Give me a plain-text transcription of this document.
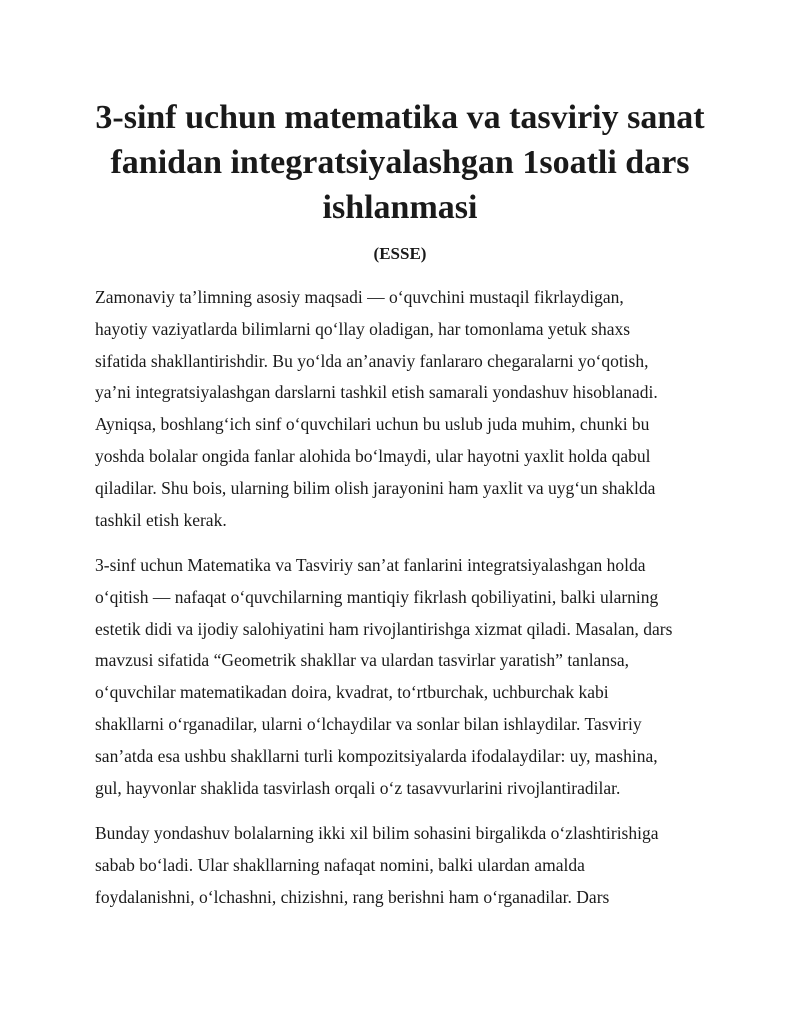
3-sinf uchun matematika va tasviriy sanat
fanidan integratsiyalashgan 1soatli dars
ishlanmasi

(ESSE)

Zamonaviy ta’limning asosiy maqsadi — o‘quvchini mustaqil fikrlaydigan,
hayotiy vaziyatlarda bilimlarni qo‘llay oladigan, har tomonlama yetuk shaxs
sifatida shakllantirishdir. Bu yo‘lda an’anaviy fanlararo chegaralarni yo‘qotish,
ya’ni integratsiyalashgan darslarni tashkil etish samarali yondashuv hisoblanadi.
Ayniqsa, boshlang‘ich sinf o‘quvchilari uchun bu uslub juda muhim, chunki bu
yoshda bolalar ongida fanlar alohida bo‘lmaydi, ular hayotni yaxlit holda qabul
qiladilar. Shu bois, ularning bilim olish jarayonini ham yaxlit va uyg‘un shaklda
tashkil etish kerak.

3-sinf uchun Matematika va Tasviriy san’at fanlarini integratsiyalashgan holda
o‘qitish — nafaqat o‘quvchilarning mantiqiy fikrlash qobiliyatini, balki ularning
estetik didi va ijodiy salohiyatini ham rivojlantirishga xizmat qiladi. Masalan, dars
mavzusi sifatida “Geometrik shakllar va ulardan tasvirlar yaratish” tanlansa,
o‘quvchilar matematikadan doira, kvadrat, to‘rtburchak, uchburchak kabi
shakllarni o‘rganadilar, ularni o‘lchaydilar va sonlar bilan ishlaydilar. Tasviriy
san’atda esa ushbu shakllarni turli kompozitsiyalarda ifodalaydilar: uy, mashina,
gul, hayvonlar shaklida tasvirlash orqali o‘z tasavvurlarini rivojlantiradilar.

Bunday yondashuv bolalarning ikki xil bilim sohasini birgalikda o‘zlashtirishiga
sabab bo‘ladi. Ular shakllarning nafaqat nomini, balki ulardan amalda
foydalanishni, o‘lchashni, chizishni, rang berishni ham o‘rganadilar. Dars
